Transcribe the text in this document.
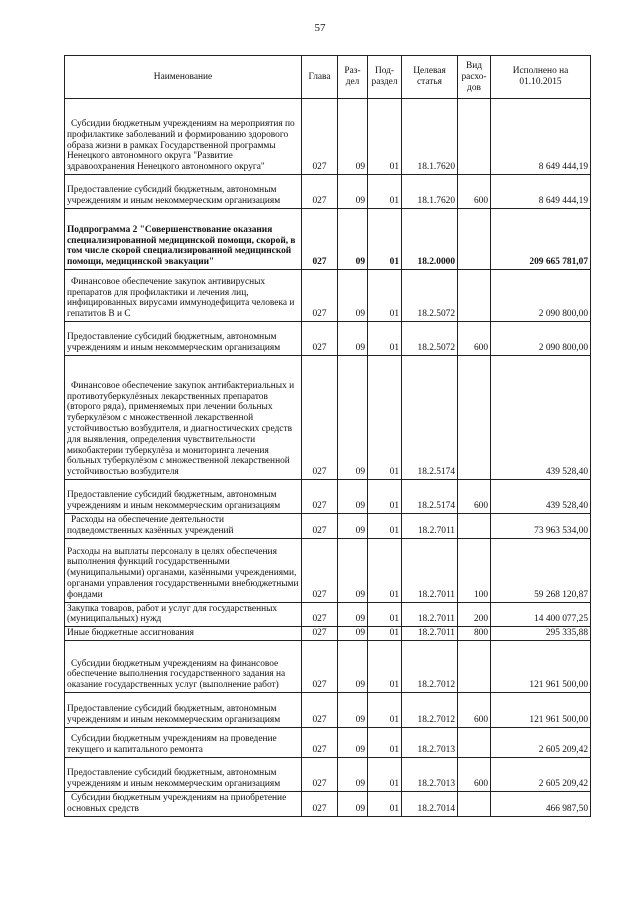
57
Наименование	Глава	Раз-дел	Под-раздел	Целевая статья	Вид расхо-дов	Исполнено на 01.10.2015
Субсидии бюджетным учреждениям на мероприятия по профилактике заболеваний и формированию здорового образа жизни в рамках Государственной программы Ненецкого автономного округа "Развитие здравоохранения Ненецкого автономного округа"	027	09	01	18.1.7620		8 649 444,19
Предоставление субсидий бюджетным, автономным учреждениям и иным некоммерческим организациям	027	09	01	18.1.7620	600	8 649 444,19
Подпрограмма 2 "Совершенствование оказания специализированной медицинской помощи, скорой, в том числе скорой специализированной медицинской помощи, медицинской эвакуации"	027	09	01	18.2.0000		209 665 781,07
Финансовое обеспечение закупок антивирусных препаратов для профилактики и лечения лиц, инфицированных вирусами иммунодефицита человека и гепатитов В и С	027	09	01	18.2.5072		2 090 800,00
Предоставление субсидий бюджетным, автономным учреждениям и иным некоммерческим организациям	027	09	01	18.2.5072	600	2 090 800,00
Финансовое обеспечение закупок антибактериальных и противотуберкулёзных лекарственных препаратов (второго ряда), применяемых при лечении больных туберкулёзом с множественной лекарственной устойчивостью возбудителя, и диагностических средств для выявления, определения чувствительности микобактерии туберкулёза и мониторинга лечения больных туберкулёзом с множественной лекарственной устойчивостью возбудителя	027	09	01	18.2.5174		439 528,40
Предоставление субсидий бюджетным, автономным учреждениям и иным некоммерческим организациям	027	09	01	18.2.5174	600	439 528,40
Расходы на обеспечение деятельности подведомственных казённых учреждений	027	09	01	18.2.7011		73 963 534,00
Расходы на выплаты персоналу в целях обеспечения выполнения функций государственными (муниципальными) органами, казёнными учреждениями, органами управления государственными внебюджетными фондами	027	09	01	18.2.7011	100	59 268 120,87
Закупка товаров, работ и услуг для государственных (муниципальных) нужд	027	09	01	18.2.7011	200	14 400 077,25
Иные бюджетные ассигнования	027	09	01	18.2.7011	800	295 335,88
Субсидии бюджетным учреждениям на финансовое обеспечение выполнения государственного задания на оказание государственных услуг (выполнение работ)	027	09	01	18.2.7012		121 961 500,00
Предоставление субсидий бюджетным, автономным учреждениям и иным некоммерческим организациям	027	09	01	18.2.7012	600	121 961 500,00
Субсидии бюджетным учреждениям на проведение текущего и капитального ремонта	027	09	01	18.2.7013		2 605 209,42
Предоставление субсидий бюджетным, автономным учреждениям и иным некоммерческим организациям	027	09	01	18.2.7013	600	2 605 209,42
Субсидии бюджетным учреждениям на приобретение основных средств	027	09	01	18.2.7014		466 987,50
